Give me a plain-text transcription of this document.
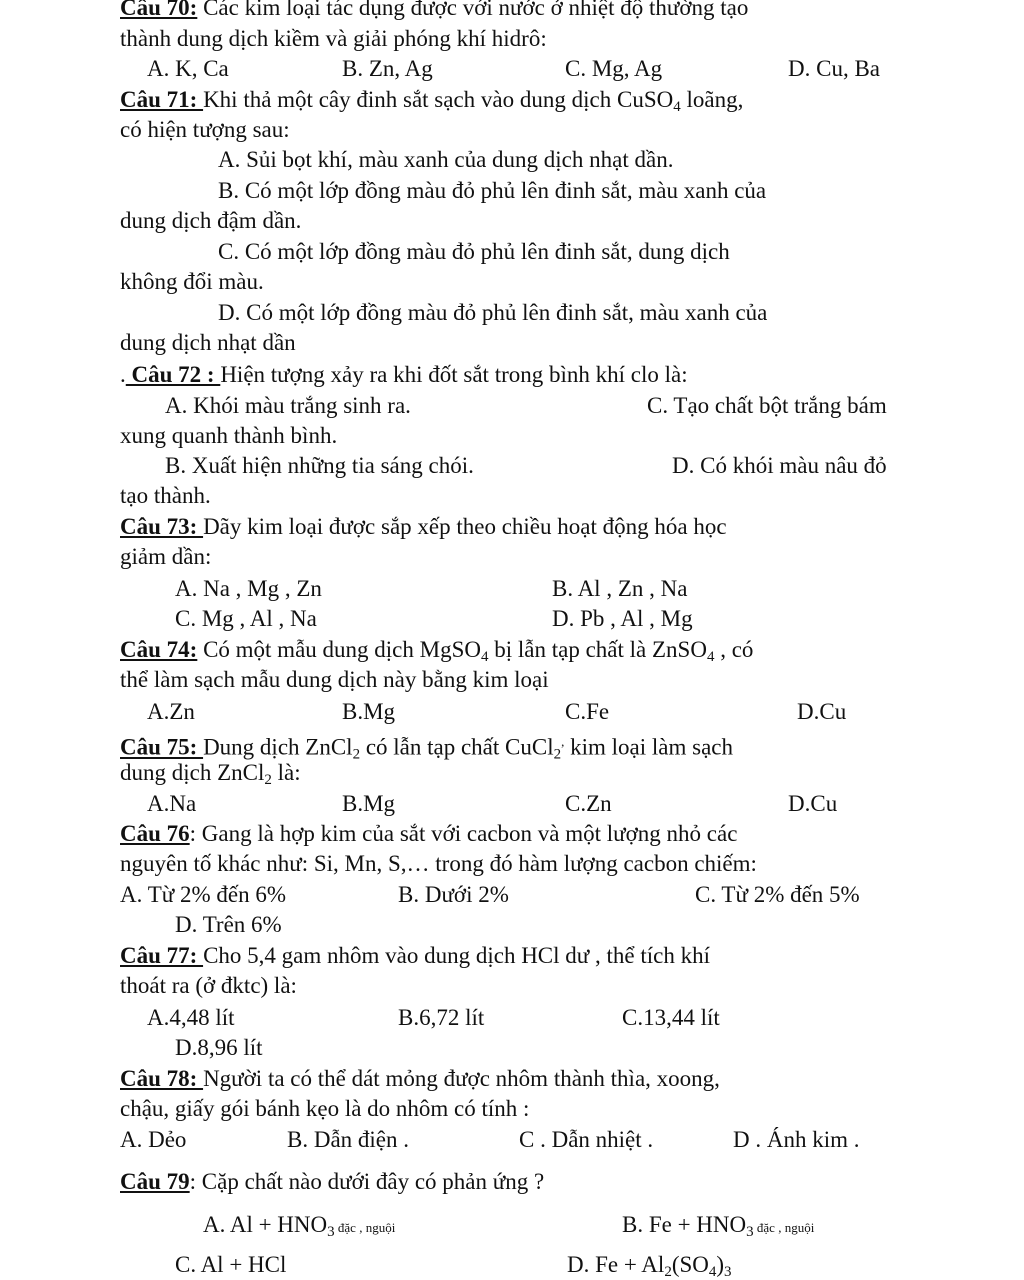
Câu 70: Các kim loại tác dụng được với nước ở nhiệt độ thường tạo
thành dung dịch kiềm và giải phóng khí hidrô:
A. K, Ca	B. Zn, Ag	C. Mg, Ag	D. Cu, Ba
Câu 71: Khi thả một cây đinh sắt sạch vào dung dịch CuSO$_4$ loãng,
có hiện tượng sau:
A. Sủi bọt khí, màu xanh của dung dịch nhạt dần.
B. Có một lớp đồng màu đỏ phủ lên đinh sắt, màu xanh của
dung dịch đậm dần.
C. Có một lớp đồng màu đỏ phủ lên đinh sắt, dung dịch
không đổi màu.
D. Có một lớp đồng màu đỏ phủ lên đinh sắt, màu xanh của
dung dịch nhạt dần
. Câu 72 : Hiện tượng xảy ra khi đốt sắt trong bình khí clo là:
A. Khói màu trắng sinh ra.	C. Tạo chất bột trắng bám
xung quanh thành bình.
B. Xuất hiện những tia sáng chói.	D. Có khói màu nâu đỏ
tạo thành.
Câu 73: Dãy kim loại được sắp xếp theo chiều hoạt động hóa học
giảm dần:
A. Na , Mg , Zn	B. Al , Zn , Na
C. Mg , Al , Na	D. Pb , Al , Mg
Câu 74: Có một mẫu dung dịch MgSO$_4$ bị lẫn tạp chất là ZnSO$_4$ , có
thể làm sạch mẫu dung dịch này bằng kim loại
A.Zn	B.Mg	C.Fe	D.Cu
Câu 75: Dung dịch ZnCl$_2$ có lẫn tạp chất CuCl$_2$, kim loại làm sạch
dung dịch ZnCl$_2$ là:
A.Na	B.Mg	C.Zn	D.Cu
Câu 76: Gang là hợp kim của sắt với cacbon và một lượng nhỏ các
nguyên tố khác như: Si, Mn, S,… trong đó hàm lượng cacbon chiếm:
A. Từ 2% đến 6%	B. Dưới 2%	C. Từ 2% đến 5%
D. Trên 6%
Câu 77: Cho 5,4 gam nhôm vào dung dịch HCl dư , thể tích khí
thoát ra (ở đktc) là:
A.4,48 lít	B.6,72 lít	C.13,44 lít
D.8,96 lít
Câu 78: Người ta có thể dát mỏng được nhôm thành thìa, xoong,
chậu, giấy gói bánh kẹo là do nhôm có tính :
A. Dẻo	B. Dẫn điện .	C . Dẫn nhiệt .	D . Ánh kim .
Câu 79: Cặp chất nào dưới đây có phản ứng ?
A. $Al + HNO_3$ đặc , nguội	B. $Fe + HNO_3$ đặc , nguội
C. Al + HCl	D. $Fe + Al_2(SO_4)_3$
